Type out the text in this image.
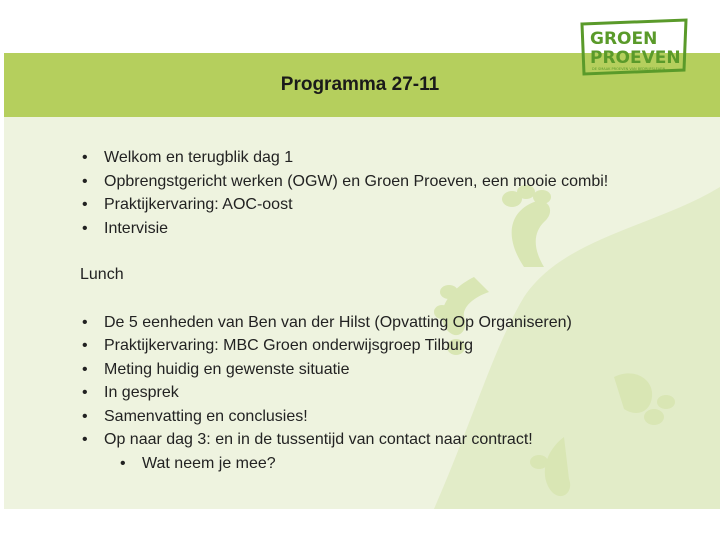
Programma 27-11
GROEN
PROEVEN
DE SMAAK PROEVEN VAN BEDRIJFSLEVEN
• Welkom en terugblik dag 1
• Opbrengstgericht werken (OGW) en Groen Proeven, een mooie combi!
• Praktijkervaring: AOC-oost
• Intervisie
Lunch
• De 5 eenheden van Ben van der Hilst (Opvatting Op Organiseren)
• Praktijkervaring: MBC Groen onderwijsgroep Tilburg
• Meting huidig en gewenste situatie
• In gesprek
• Samenvatting en conclusies!
• Op naar dag 3: en in de tussentijd van contact naar contract!
• Wat neem je mee?
